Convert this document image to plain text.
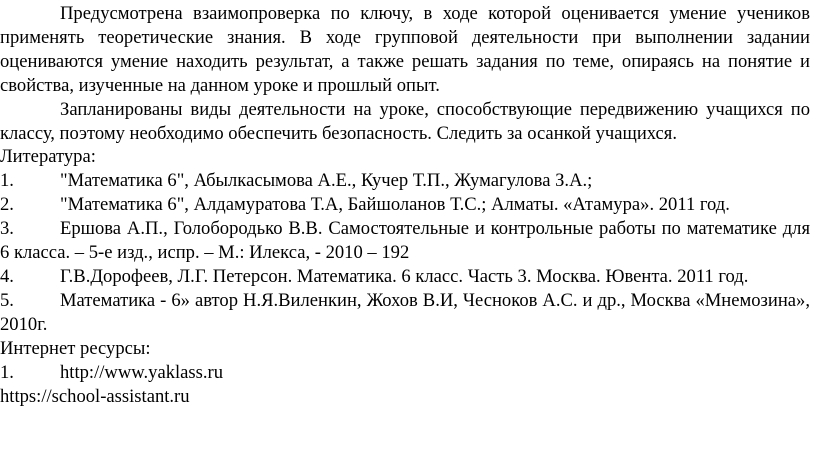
Предусмотрена взаимопроверка по ключу, в ходе которой оценивается умение учеников применять теоретические знания. В ходе групповой деятельности при выполнении задании оцениваются умение находить результат, а также решать задания по теме, опираясь на понятие и свойства, изученные на данном уроке и прошлый опыт.

Запланированы виды деятельности на уроке, способствующие передвижению учащихся по классу, поэтому необходимо обеспечить безопасность. Следить за осанкой учащихся.

Литература:

1.	"Математика 6", Абылкасымова А.Е., Кучер Т.П., Жумагулова З.А.;
2.	"Математика 6", Алдамуратова Т.А, Байшоланов Т.С.; Алматы. «Атамура». 2011 год.

3. Ершова А.П., Голобородько В.В. Самостоятельные и контрольные работы по математике для 6 класса. – 5-е изд., испр. – М.: Илекса, - 2010 – 192

4. Г.В.Дорофеев, Л.Г. Петерсон. Математика. 6 класс. Часть 3. Москва. Ювента. 2011 год.

5. Математика - 6» автор Н.Я.Виленкин, Жохов В.И, Чесноков А.С. и др., Москва «Мнемозина», 2010г.

Интернет ресурсы:

1.	http://www.yaklass.ru

https://school-assistant.ru
